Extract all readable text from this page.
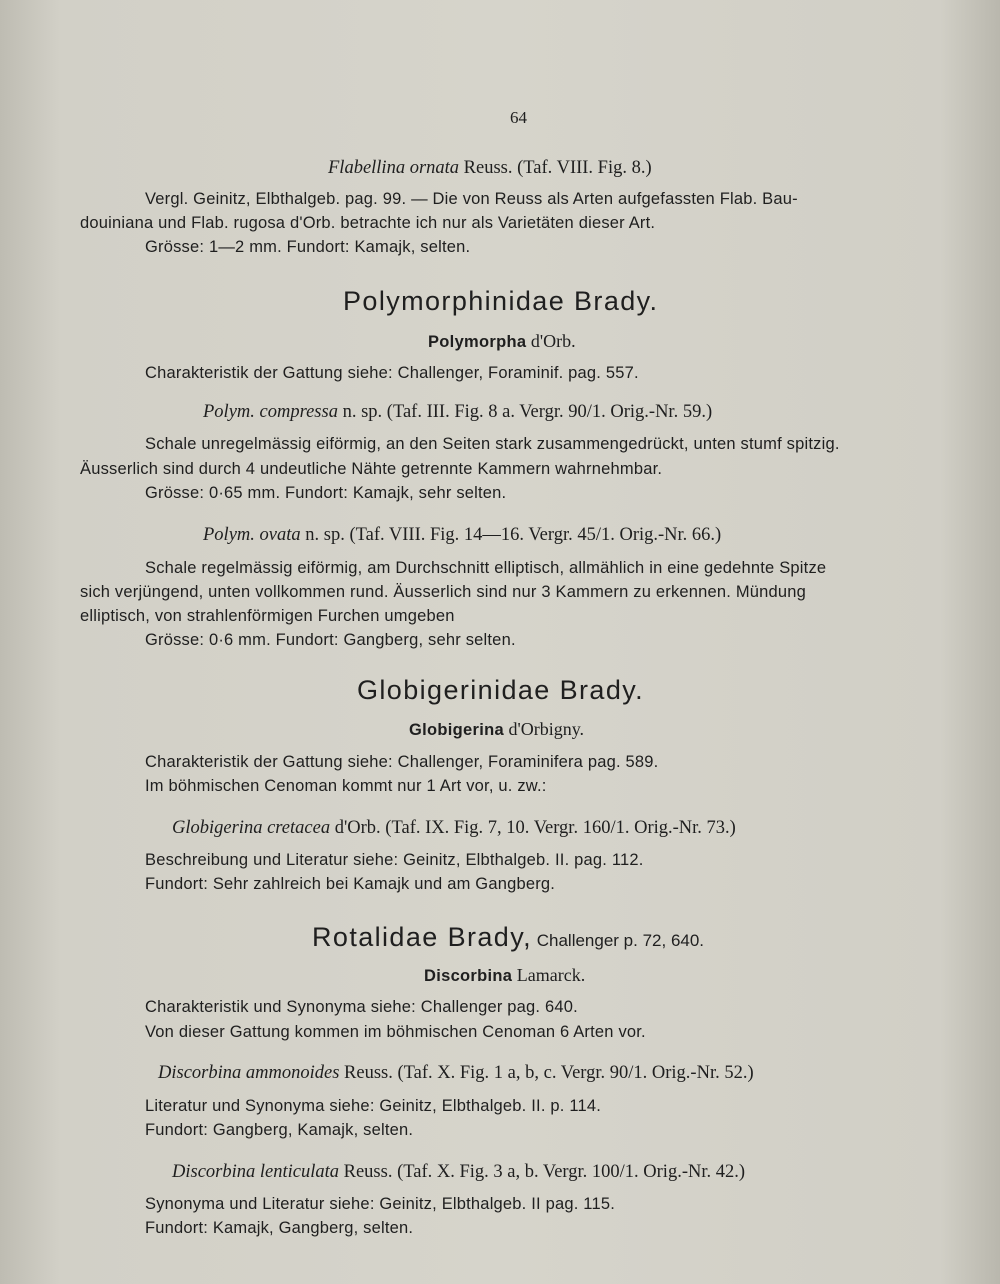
64
Flabellina ornata Reuss. (Taf. VIII. Fig. 8.)
Vergl. Geinitz, Elbthalgeb. pag. 99. — Die von Reuss als Arten aufgefassten Flab. Bau-
douiniana und Flab. rugosa d'Orb. betrachte ich nur als Varietäten dieser Art.
Grösse: 1—2 mm. Fundort: Kamajk, selten.
Polymorphinidae Brady.
Polymorpha d'Orb.
Charakteristik der Gattung siehe: Challenger, Foraminif. pag. 557.
Polym. compressa n. sp. (Taf. III. Fig. 8 a. Vergr. 90/1. Orig.-Nr. 59.)
Schale unregelmässig eiförmig, an den Seiten stark zusammengedrückt, unten stumf spitzig.
Äusserlich sind durch 4 undeutliche Nähte getrennte Kammern wahrnehmbar.
Grösse: 0·65 mm. Fundort: Kamajk, sehr selten.
Polym. ovata n. sp. (Taf. VIII. Fig. 14—16. Vergr. 45/1. Orig.-Nr. 66.)
Schale regelmässig eiförmig, am Durchschnitt elliptisch, allmählich in eine gedehnte Spitze
sich verjüngend, unten vollkommen rund. Äusserlich sind nur 3 Kammern zu erkennen. Mündung
elliptisch, von strahlenförmigen Furchen umgeben
Grösse: 0·6 mm. Fundort: Gangberg, sehr selten.
Globigerinidae Brady.
Globigerina d'Orbigny.
Charakteristik der Gattung siehe: Challenger, Foraminifera pag. 589.
Im böhmischen Cenoman kommt nur 1 Art vor, u. zw.:
Globigerina cretacea d'Orb. (Taf. IX. Fig. 7, 10. Vergr. 160/1. Orig.-Nr. 73.)
Beschreibung und Literatur siehe: Geinitz, Elbthalgeb. II. pag. 112.
Fundort: Sehr zahlreich bei Kamajk und am Gangberg.
Rotalidae Brady, Challenger p. 72, 640.
Discorbina Lamarck.
Charakteristik und Synonyma siehe: Challenger pag. 640.
Von dieser Gattung kommen im böhmischen Cenoman 6 Arten vor.
Discorbina ammonoides Reuss. (Taf. X. Fig. 1 a, b, c. Vergr. 90/1. Orig.-Nr. 52.)
Literatur und Synonyma siehe: Geinitz, Elbthalgeb. II. p. 114.
Fundort: Gangberg, Kamajk, selten.
Discorbina lenticulata Reuss. (Taf. X. Fig. 3 a, b. Vergr. 100/1. Orig.-Nr. 42.)
Synonyma und Literatur siehe: Geinitz, Elbthalgeb. II pag. 115.
Fundort: Kamajk, Gangberg, selten.
